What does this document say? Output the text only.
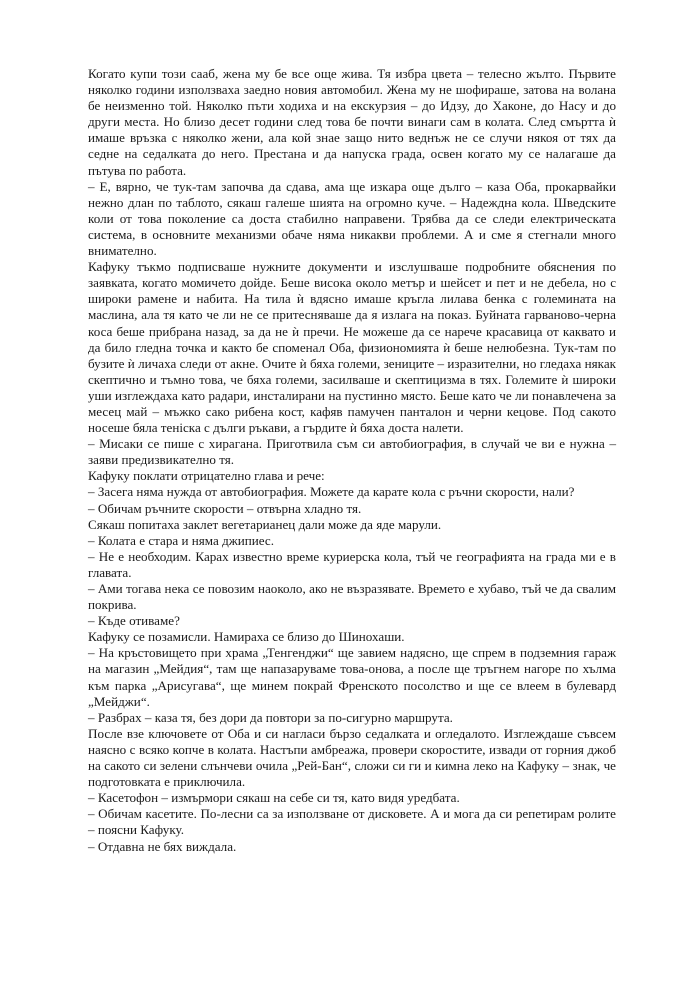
Когато купи този сааб, жена му бе все още жива. Тя избра цвета – телесно жълто. Първите няколко години използваха заедно новия автомобил. Жена му не шофираше, затова на волана бе неизменно той. Няколко пъти ходиха и на екскурзия – до Идзу, до Хаконе, до Насу и до други места. Но близо десет години след това бе почти винаги сам в колата. След смъртта ѝ имаше връзка с няколко жени, ала кой знае защо нито веднъж не се случи някоя от тях да седне на седалката до него. Престана и да напуска града, освен когато му се налагаше да пътува по работа.

– Е, вярно, че тук-там започва да сдава, ама ще изкара още дълго – каза Оба, прокарвайки нежно длан по таблото, сякаш галеше шията на огромно куче. – Надеждна кола. Шведските коли от това поколение са доста стабилно направени. Трябва да се следи електрическата система, в основните механизми обаче няма никакви проблеми. А и сме я стегнали много внимателно.

Кафуку тъкмо подписваше нужните документи и изслушваше подробните обяснения по заявката, когато момичето дойде. Беше висока около метър и шейсет и пет и не дебела, но с широки рамене и набита. На тила ѝ вдясно имаше кръгла лилава бенка с големината на маслина, ала тя като че ли не се притесняваше да я излага на показ. Буйната гарваново-черна коса беше прибрана назад, за да не ѝ пречи. Не можеше да се нарече красавица от каквато и да било гледна точка и както бе споменал Оба, физиономията ѝ беше нелюбезна. Тук-там по бузите ѝ личаха следи от акне. Очите ѝ бяха големи, зениците – изразителни, но гледаха някак скептично и тъмно това, че бяха големи, засилваше и скептицизма в тях. Големите ѝ широки уши изглеждаха като радари, инсталирани на пустинно място. Беше като че ли понавлечена за месец май – мъжко сако рибена кост, кафяв памучен панталон и черни кецове. Под сакото носеше бяла теніска с дълги ръкави, а гърдите ѝ бяха доста налети.

– Мисаки се пише с хирагана. Приготвила съм си автобиография, в случай че ви е нужна – заяви предизвикателно тя.

Кафуку поклати отрицателно глава и рече:

– Засега няма нужда от автобиография. Можете да карате кола с ръчни скорости, нали?

– Обичам ръчните скорости – отвърна хладно тя.

Сякаш попитаха заклет вегетарианец дали може да яде марули.

– Колата е стара и няма джипиес.

– Не е необходим. Карах известно време куриерска кола, тъй че географията на града ми е в главата.

– Ами тогава нека се повозим наоколо, ако не възразявате. Времето е хубаво, тъй че да свалим покрива.

– Къде отиваме?

Кафуку се позамисли. Намираха се близо до Шинохаши.

– На кръстовището при храма „Тенгенджи“ ще завием надясно, ще спрем в подземния гараж на магазин „Мейдия“, там ще напазаруваме това-онова, а после ще тръгнем нагоре по хълма към парка „Арисугава“, ще минем покрай Френското посолство и ще се влеем в булевард „Мейджи“.

– Разбрах – каза тя, без дори да повтори за по-сигурно маршрута.

После взе ключовете от Оба и си нагласи бързо седалката и огледалото. Изглеждаше съвсем наясно с всяко копче в колата. Настъпи амбреажа, провери скоростите, извади от горния джоб на сакото си зелени слънчеви очила „Рей-Бан“, сложи си ги и кимна леко на Кафуку – знак, че подготовката е приключила.

– Касетофон – измърмори сякаш на себе си тя, като видя уредбата.

– Обичам касетите. По-лесни са за използване от дисковете. А и мога да си репетирам ролите – поясни Кафуку.

– Отдавна не бях виждала.
